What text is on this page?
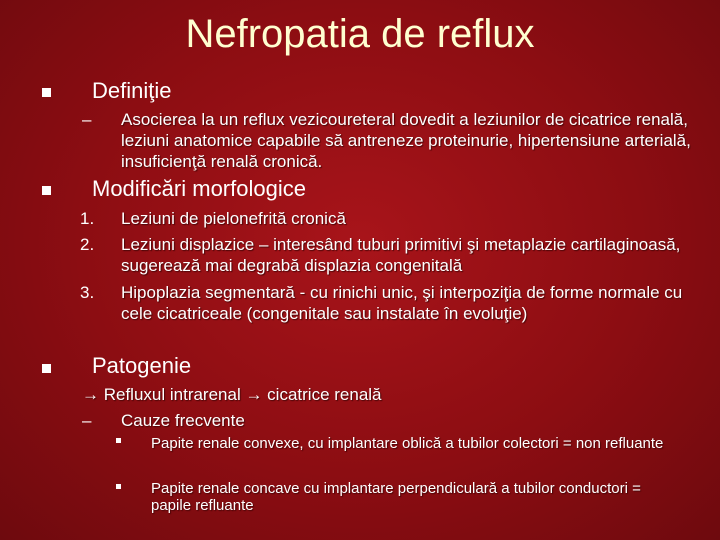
Nefropatia de reflux
Definiţie
– Asocierea la un reflux vezicoureteral dovedit a leziunilor de cicatrice renală, leziuni anatomice capabile să antreneze proteinurie, hipertensiune arterială, insuficienţă renală cronică.
Modificări morfologice
1. Leziuni de pielonefrită cronică
2. Leziuni displazice – interesând tuburi primitivi şi metaplazie cartilaginoasă, sugerează mai degrabă displazia congenitală
3. Hipoplazia segmentară - cu rinichi unic, şi interpoziţia de forme normale cu cele cicatriceale (congenitale sau instalate în evoluţie)
Patogenie
→ Refluxul intrarenal → cicatrice renală
– Cauze frecvente
Papite renale convexe, cu implantare oblică a tubilor colectori = non refluante
Papite renale concave cu implantare perpendiculară a tubilor conductori = papile refluante
